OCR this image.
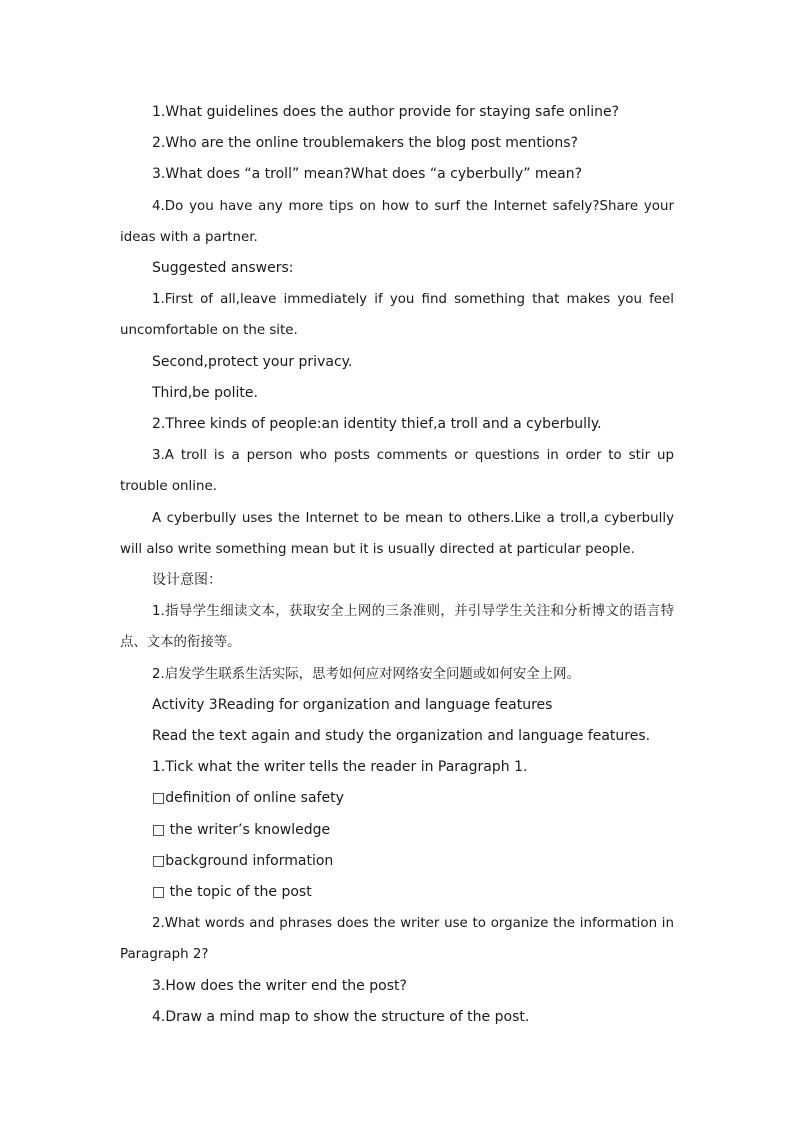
1.What guidelines does the author provide for staying safe online?

2.Who are the online troublemakers the blog post mentions?

3.What does “a troll” mean?What does “a cyberbully” mean?

4.Do you have any more tips on how to surf the Internet safely?Share your ideas with a partner.

Suggested answers:

1.First of all,leave immediately if you find something that makes you feel uncomfortable on the site.

Second,protect your privacy.

Third,be polite.

2.Three kinds of people:an identity thief,a troll and a cyberbully.

3.A troll is a person who posts comments or questions in order to stir up trouble online.

A cyberbully uses the Internet to be mean to others.Like a troll,a cyberbully will also write something mean but it is usually directed at particular people.

设计意图：

1.指导学生细读文本，获取安全上网的三条准则，并引导学生关注和分析博文的语言特点、文本的衔接等。

2.启发学生联系生活实际，思考如何应对网络安全问题或如何安全上网。

Activity 3Reading for organization and language features

Read the text again and study the organization and language features.

1.Tick what the writer tells the reader in Paragraph 1.

□definition of online safety

□ the writer’s knowledge

□background information

□ the topic of the post

2.What words and phrases does the writer use to organize the information in Paragraph 2?

3.How does the writer end the post?

4.Draw a mind map to show the structure of the post.
